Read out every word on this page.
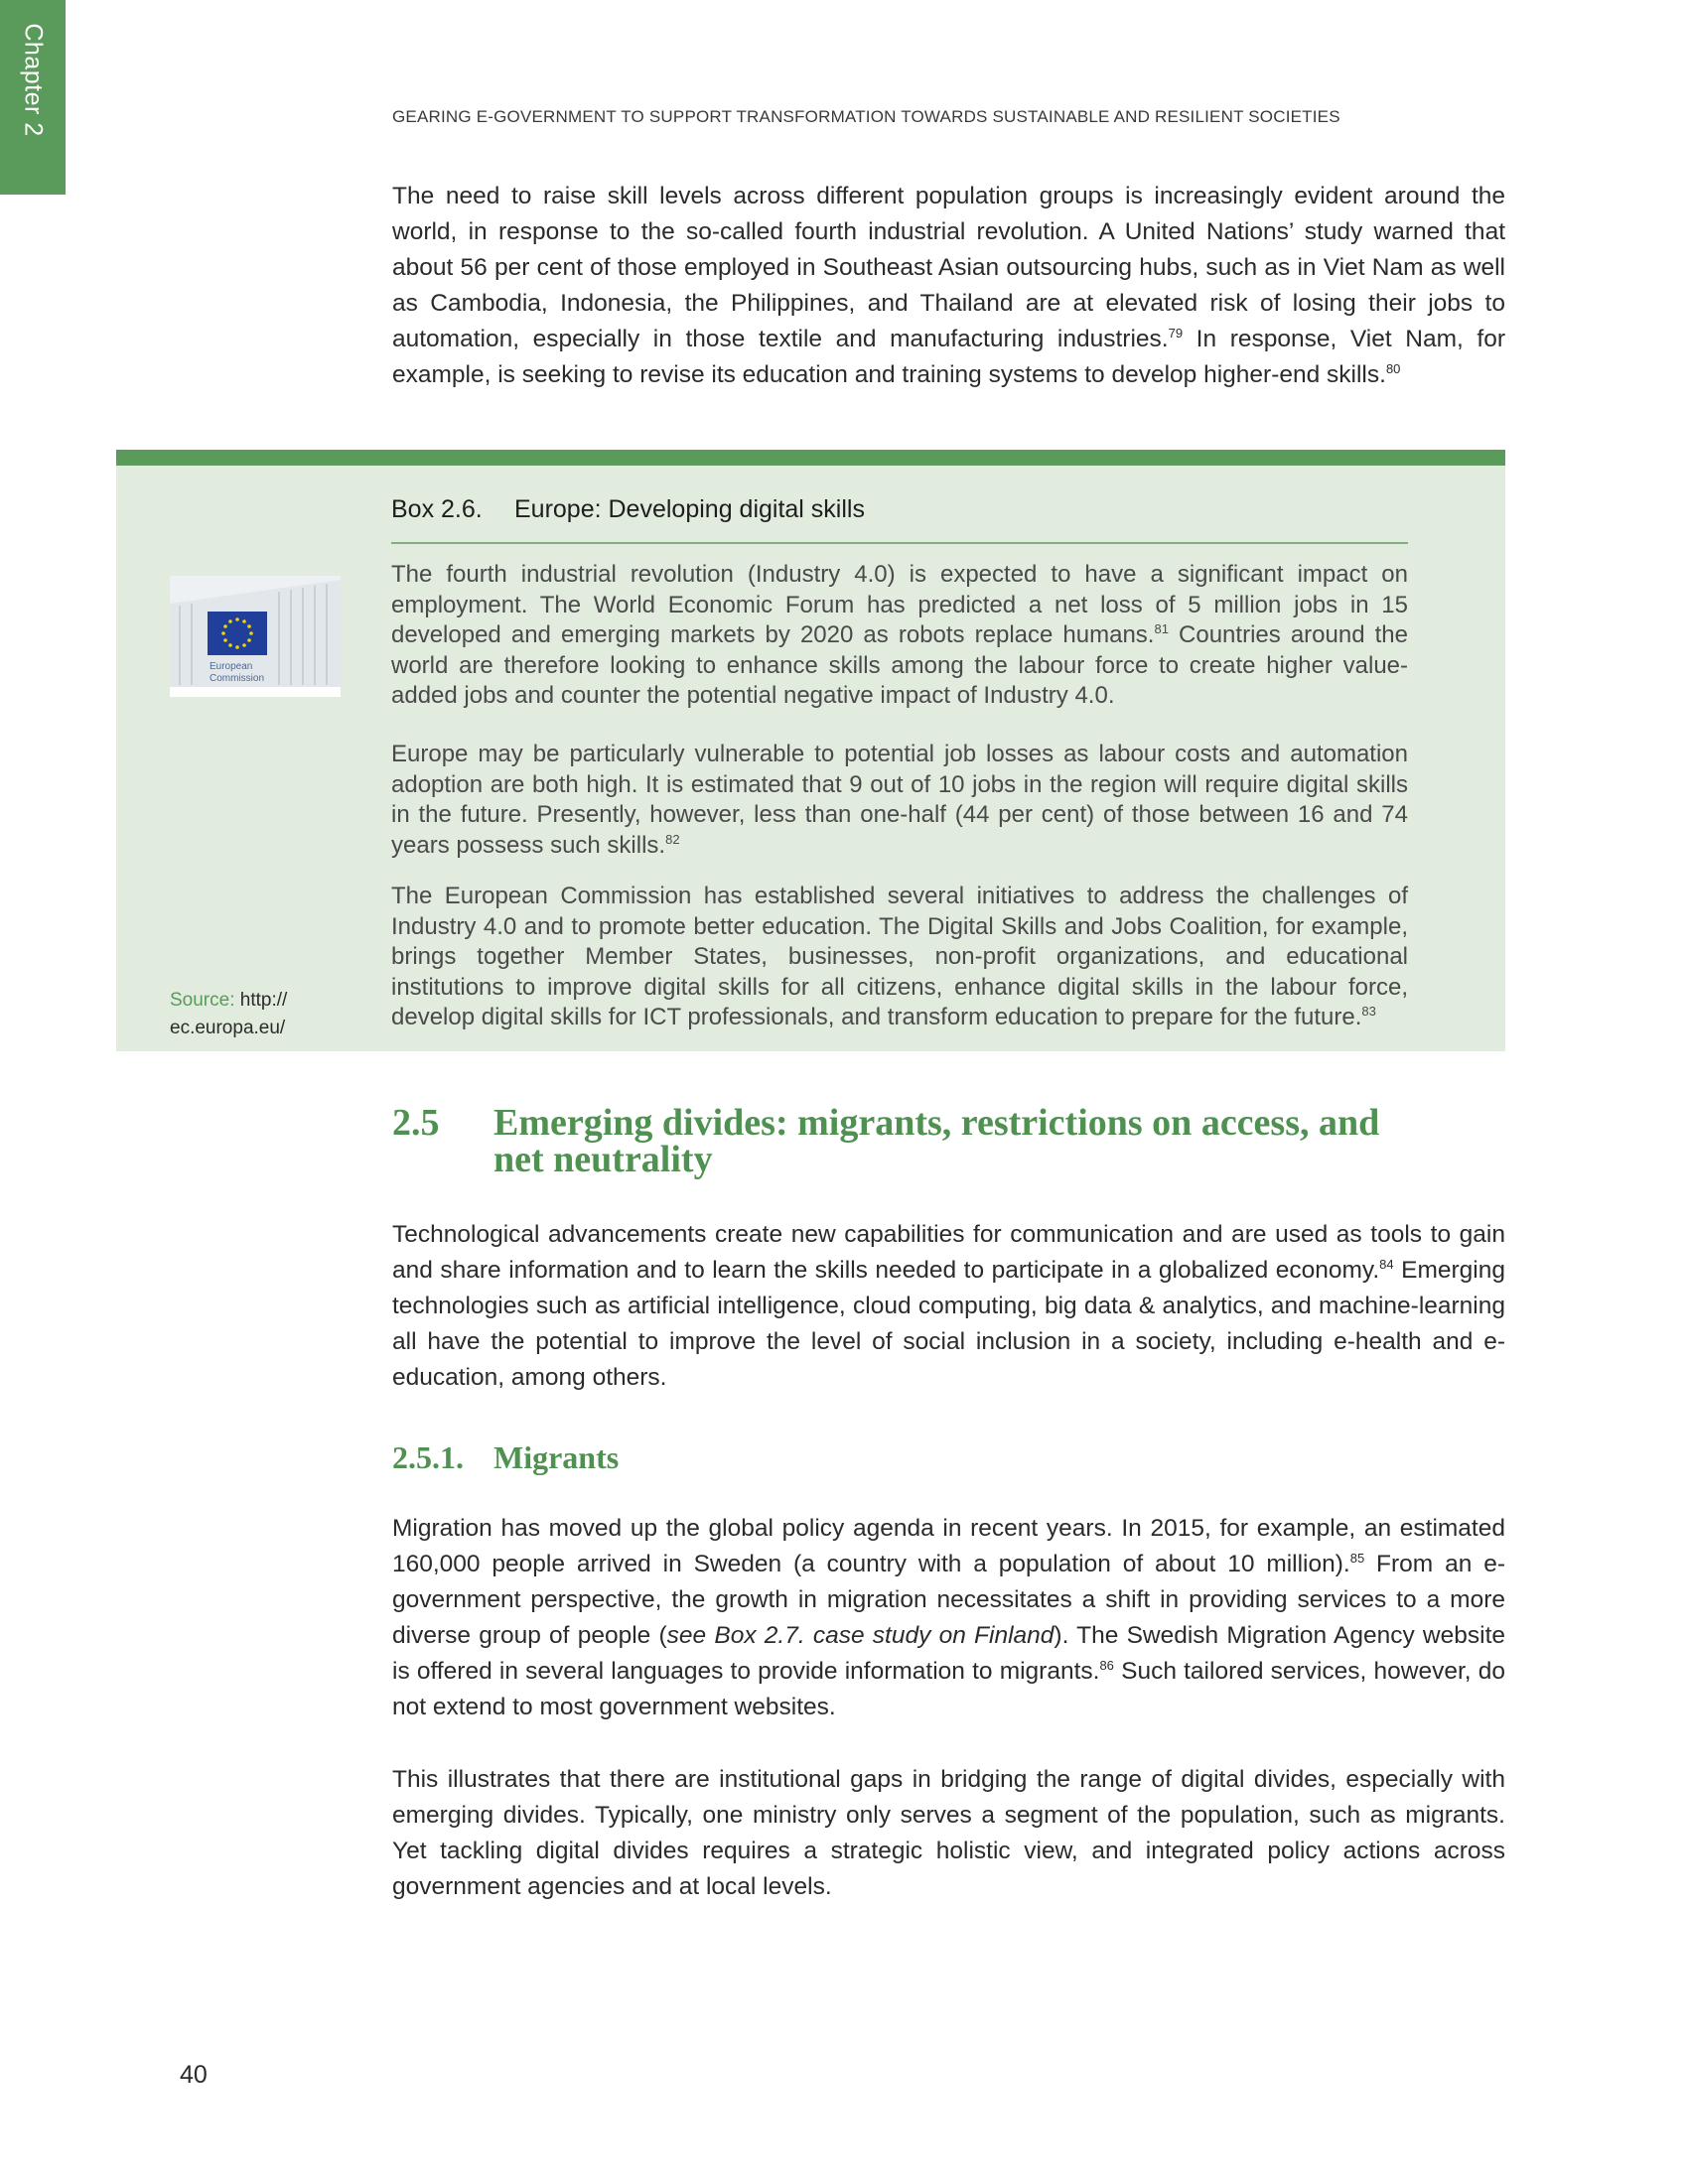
Chapter 2	GEARING E-GOVERNMENT TO SUPPORT TRANSFORMATION TOWARDS SUSTAINABLE AND RESILIENT SOCIETIES

The need to raise skill levels across different population groups is increasingly evident around the world, in response to the so-called fourth industrial revolution. A United Nations’ study warned that about 56 per cent of those employed in Southeast Asian outsourcing hubs, such as in Viet Nam as well as Cambodia, Indonesia, the Philippines, and Thailand are at elevated risk of losing their jobs to automation, especially in those textile and manufacturing industries.$^{79}$ In response, Viet Nam, for example, is seeking to revise its education and training systems to develop higher-end skills.$^{80}$

Box 2.6. Europe: Developing digital skills
European
Commission

The fourth industrial revolution (Industry 4.0) is expected to have a significant impact on employment. The World Economic Forum has predicted a net loss of 5 million jobs in 15 developed and emerging markets by 2020 as robots replace humans.$^{81}$ Countries around the world are therefore looking to enhance skills among the labour force to create higher value-added jobs and counter the potential negative impact of Industry 4.0.

Europe may be particularly vulnerable to potential job losses as labour costs and automation adoption are both high. It is estimated that 9 out of 10 jobs in the region will require digital skills in the future. Presently, however, less than one-half (44 per cent) of those between 16 and 74 years possess such skills.$^{82}$

The European Commission has established several initiatives to address the challenges of Industry 4.0 and to promote better education. The Digital Skills and Jobs Coalition, for example, brings together Member States, businesses, non-profit organizations, and educational institutions to improve digital skills for all citizens, enhance digital skills in the labour force, develop digital skills for ICT professionals, and transform education to prepare for the future.$^{83}$

Source: http://
ec.europa.eu/
2.5 Emerging divides: migrants, restrictions on access, and net neutrality

Technological advancements create new capabilities for communication and are used as tools to gain and share information and to learn the skills needed to participate in a globalized economy.$^{84}$ Emerging technologies such as artificial intelligence, cloud computing, big data & analytics, and machine-learning all have the potential to improve the level of social inclusion in a society, including e-health and e-education, among others.

2.5.1. Migrants

Migration has moved up the global policy agenda in recent years. In 2015, for example, an estimated 160,000 people arrived in Sweden (a country with a population of about 10 million).$^{85}$ From an e-government perspective, the growth in migration necessitates a shift in providing services to a more diverse group of people (see Box 2.7. case study on Finland). The Swedish Migration Agency website is offered in several languages to provide information to migrants.$^{86}$ Such tailored services, however, do not extend to most government websites.

This illustrates that there are institutional gaps in bridging the range of digital divides, especially with emerging divides. Typically, one ministry only serves a segment of the population, such as migrants. Yet tackling digital divides requires a strategic holistic view, and integrated policy actions across government agencies and at local levels.

40
